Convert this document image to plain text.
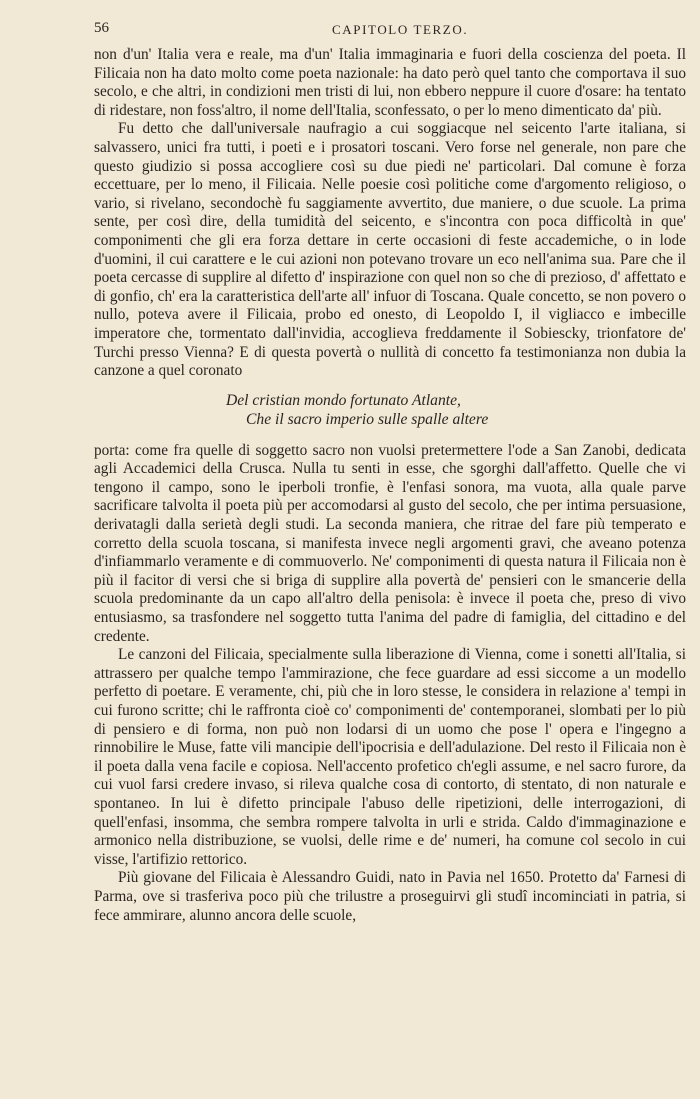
56	CAPITOLO TERZO.

non d'un' Italia vera e reale, ma d'un' Italia immaginaria e fuori della coscienza del poeta. Il Filicaia non ha dato molto come poeta nazionale: ha dato però quel tanto che comportava il suo secolo, e che altri, in condizioni men tristi di lui, non ebbero neppure il cuore d'osare: ha tentato di ridestare, non foss'altro, il nome dell'Italia, sconfessato, o per lo meno dimenticato da' più.

Fu detto che dall'universale naufragio a cui soggiacque nel seicento l'arte italiana, si salvassero, unici fra tutti, i poeti e i prosatori toscani. Vero forse nel generale, non pare che questo giudizio si possa accogliere così su due piedi ne' particolari. Dal comune è forza eccettuare, per lo meno, il Filicaia. Nelle poesie così politiche come d'argomento religioso, o vario, si rivelano, secondochè fu saggiamente avvertito, due maniere, o due scuole. La prima sente, per così dire, della tumidità del seicento, e s'incontra con poca difficoltà in que' componimenti che gli era forza dettare in certe occasioni di feste accademiche, o in lode d'uomini, il cui carattere e le cui azioni non potevano trovare un eco nell'anima sua. Pare che il poeta cercasse di supplire al difetto d' inspirazione con quel non so che di prezioso, d' affettato e di gonfio, ch' era la caratteristica dell'arte all' infuor di Toscana. Quale concetto, se non povero o nullo, poteva avere il Filicaia, probo ed onesto, di Leopoldo I, il vigliacco e imbecille imperatore che, tormentato dall'invidia, accoglieva freddamente il Sobiescky, trionfatore de' Turchi presso Vienna? E di questa povertà o nullità di concetto fa testimonianza non dubia la canzone a quel coronato

Del cristian mondo fortunato Atlante,
Che il sacro imperio sulle spalle altere

porta: come fra quelle di soggetto sacro non vuolsi pretermettere l'ode a San Zanobi, dedicata agli Accademici della Crusca. Nulla tu senti in esse, che sgorghi dall'affetto. Quelle che vi tengono il campo, sono le iperboli tronfie, è l'enfasi sonora, ma vuota, alla quale parve sacrificare talvolta il poeta più per accomodarsi al gusto del secolo, che per intima persuasione, derivatagli dalla serietà degli studi. La seconda maniera, che ritrae del fare più temperato e corretto della scuola toscana, si manifesta invece negli argomenti gravi, che aveano potenza d'infiammarlo veramente e di commuoverlo. Ne' componimenti di questa natura il Filicaia non è più il facitor di versi che si briga di supplire alla povertà de' pensieri con le smancerie della scuola predominante da un capo all'altro della penisola: è invece il poeta che, preso di vivo entusiasmo, sa trasfondere nel soggetto tutta l'anima del padre di famiglia, del cittadino e del credente.

Le canzoni del Filicaia, specialmente sulla liberazione di Vienna, come i sonetti all'Italia, si attrassero per qualche tempo l'ammirazione, che fece guardare ad essi siccome a un modello perfetto di poetare. E veramente, chi, più che in loro stesse, le considera in relazione a' tempi in cui furono scritte; chi le raffronta cioè co' componimenti de' contemporanei, slombati per lo più di pensiero e di forma, non può non lodarsi di un uomo che pose l' opera e l'ingegno a rinnobilire le Muse, fatte vili mancipie dell'ipocrisia e dell'adulazione. Del resto il Filicaia non è il poeta dalla vena facile e copiosa. Nell'accento profetico ch'egli assume, e nel sacro furore, da cui vuol farsi credere invaso, si rileva qualche cosa di contorto, di stentato, di non naturale e spontaneo. In lui è difetto principale l'abuso delle ripetizioni, delle interrogazioni, di quell'enfasi, insomma, che sembra rompere talvolta in urli e strida. Caldo d'immaginazione e armonico nella distribuzione, se vuolsi, delle rime e de' numeri, ha comune col secolo in cui visse, l'artifizio rettorico.

Più giovane del Filicaia è Alessandro Guidi, nato in Pavia nel 1650. Protetto da' Farnesi di Parma, ove si trasferiva poco più che trilustre a proseguirvi gli studî incominciati in patria, si fece ammirare, alunno ancora delle scuole,
